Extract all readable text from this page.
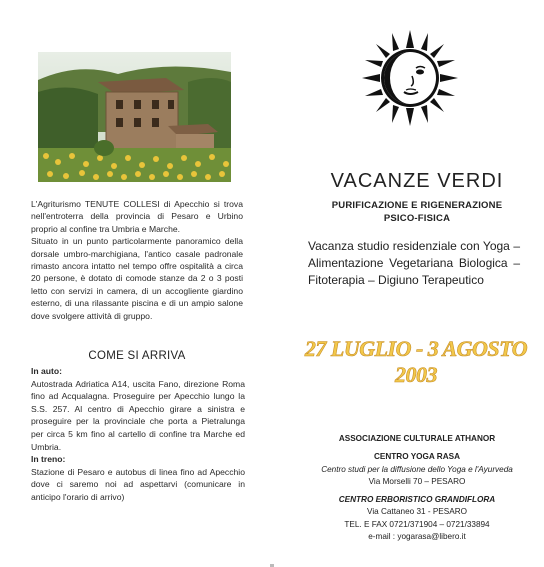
L'Agriturismo TENUTE COLLESI di Apecchio si trova nell'entroterra della provincia di Pesaro e Urbino proprio al confine tra Umbria e Marche.

Situato in un punto particolarmente panoramico della dorsale umbro-marchigiana, l'antico casale padronale rimasto ancora intatto nel tempo offre ospitalità a circa 20 persone, è dotato di comode stanze da 2 o 3 posti letto con servizi in camera, di un accogliente giardino esterno, di una rilassante piscina e di un ampio salone dove svolgere attività di gruppo.

COME SI ARRIVA
In auto:

Autostrada Adriatica A14, uscita Fano, direzione Roma fino ad Acqualagna. Proseguire per Apecchio lungo la S.S. 257. Al centro di Apecchio girare a sinistra e proseguire per la provinciale che porta a Pietralunga per circa 5 km fino al cartello di confine tra Marche ed Umbria.

In treno:

Stazione di Pesaro e autobus di linea fino ad Apecchio dove ci saremo noi ad aspettarvi (comunicare in anticipo l'orario di arrivo)

VACANZE VERDI
PURIFICAZIONE E RIGENERAZIONE
PSICO-FISICA
Vacanza studio residenziale con Yoga – Alimentazione Vegetariana Biologica – Fitoterapia – Digiuno Terapeutico
27 LUGLIO - 3 AGOSTO 2003
ASSOCIAZIONE CULTURALE ATHANOR
CENTRO YOGA RASA
Centro studi per la diffusione dello Yoga e l'Ayurveda
Via Morselli 70 – PESARO
CENTRO ERBORISTICO GRANDIFLORA
Via Cattaneo 31 - PESARO
TEL. E FAX 0721/371904 – 0721/33894
e-mail : yogarasa@libero.it
